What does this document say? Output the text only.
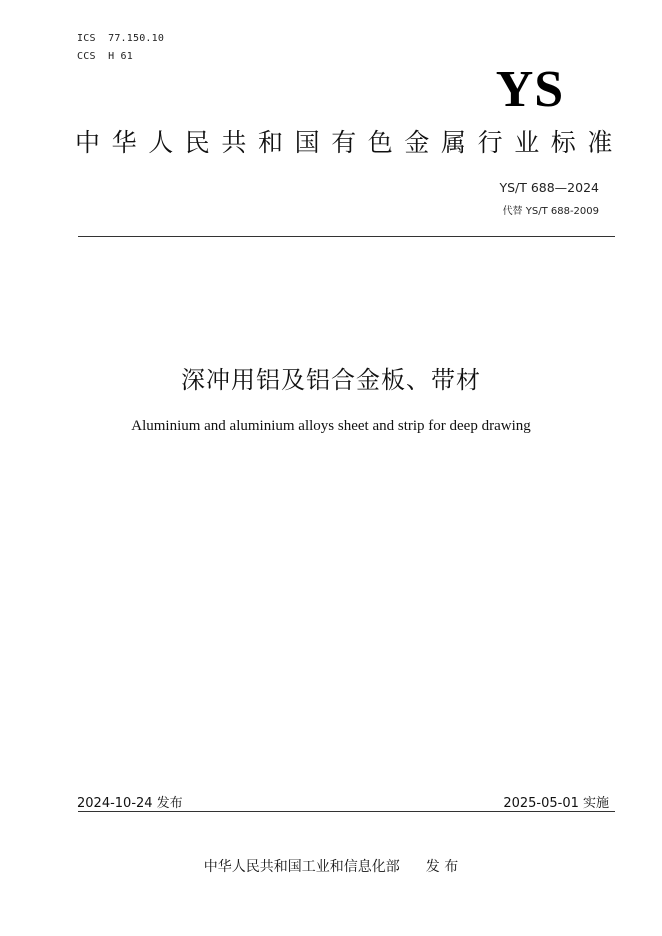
ICS  77.150.10
CCS  H 61
YS
中华人民共和国有色金属行业标准
YS/T 688—2024
代替 YS/T 688-2009
深冲用铝及铝合金板、带材
Aluminium and aluminium alloys sheet and strip for deep drawing
2024-10-24 发布	2025-05-01 实施
中华人民共和国工业和信息化部 发 布
